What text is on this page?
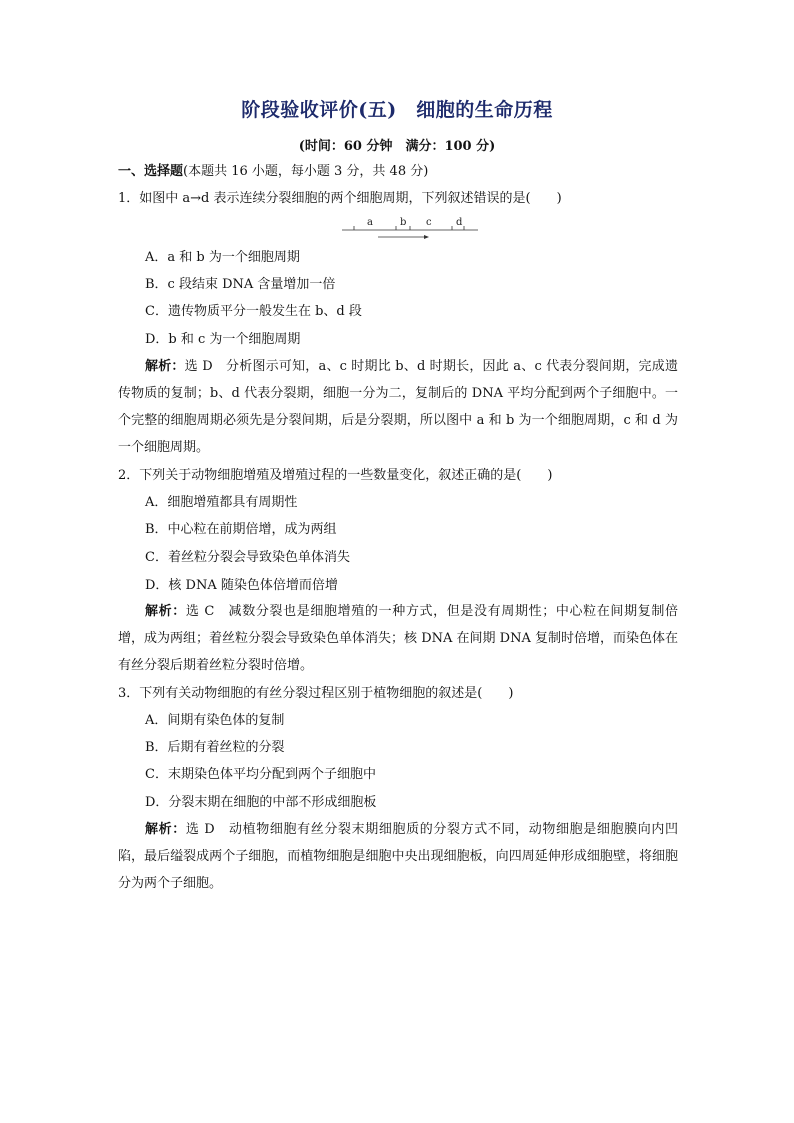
阶段验收评价(五)　细胞的生命历程
(时间：60 分钟　满分：100 分)
一、选择题(本题共 16 小题，每小题 3 分，共 48 分)
1．如图中 a→d 表示连续分裂细胞的两个细胞周期，下列叙述错误的是(　　)
a	b c d
A．a 和 b 为一个细胞周期
B．c 段结束 DNA 含量增加一倍
C．遗传物质平分一般发生在 b、d 段
D．b 和 c 为一个细胞周期
解析：选 D　分析图示可知，a、c 时期比 b、d 时期长，因此 a、c 代表分裂间期，完成遗传物质的复制；b、d 代表分裂期，细胞一分为二，复制后的 DNA 平均分配到两个子细胞中。一个完整的细胞周期必须先是分裂间期，后是分裂期，所以图中 a 和 b 为一个细胞周期，c 和 d 为一个细胞周期。
2．下列关于动物细胞增殖及增殖过程的一些数量变化，叙述正确的是(　　)
A．细胞增殖都具有周期性
B．中心粒在前期倍增，成为两组
C．着丝粒分裂会导致染色单体消失
D．核 DNA 随染色体倍增而倍增
解析：选 C　减数分裂也是细胞增殖的一种方式，但是没有周期性；中心粒在间期复制倍增，成为两组；着丝粒分裂会导致染色单体消失；核 DNA 在间期 DNA 复制时倍增，而染色体在有丝分裂后期着丝粒分裂时倍增。
3．下列有关动物细胞的有丝分裂过程区别于植物细胞的叙述是(　　)
A．间期有染色体的复制
B．后期有着丝粒的分裂
C．末期染色体平均分配到两个子细胞中
D．分裂末期在细胞的中部不形成细胞板
解析：选 D　动植物细胞有丝分裂末期细胞质的分裂方式不同，动物细胞是细胞膜向内凹陷，最后缢裂成两个子细胞，而植物细胞是细胞中央出现细胞板，向四周延伸形成细胞壁，将细胞分为两个子细胞。
